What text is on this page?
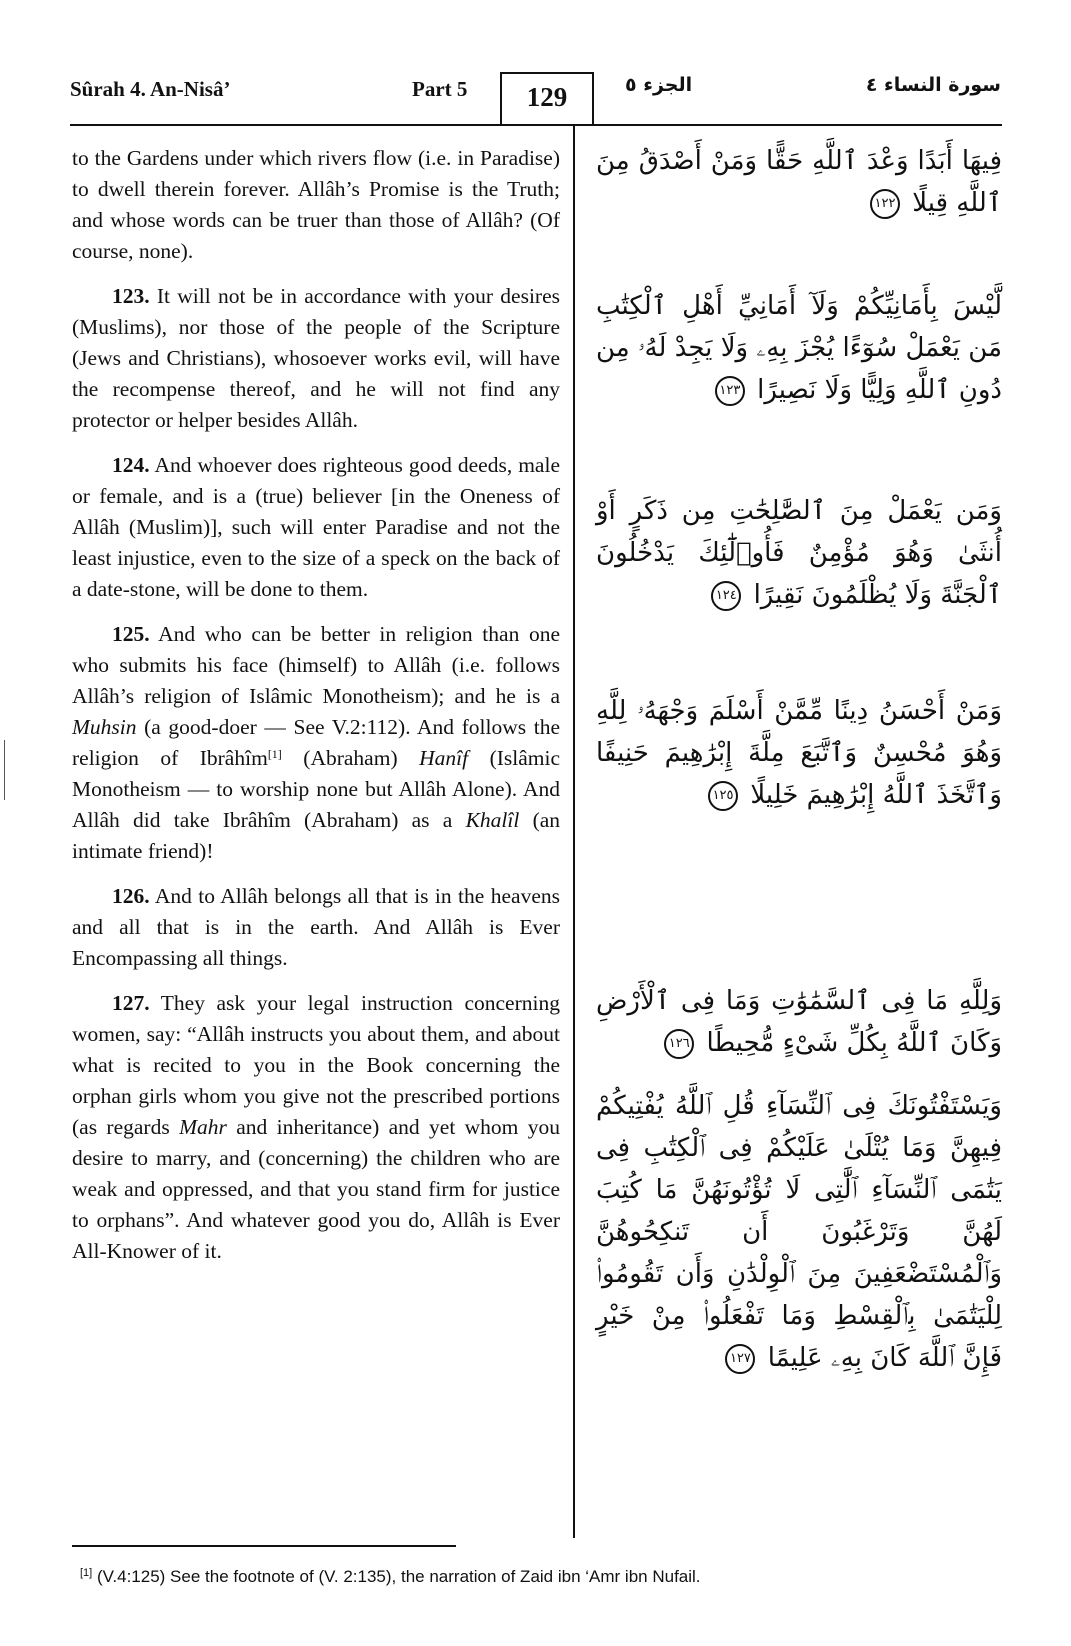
Sûrah 4. An-Nisâ’	Part 5	129	الجزء ٥	سورة النساء ٤

to the Gardens under which rivers flow (i.e. in Paradise) to dwell therein forever. Allâh’s Promise is the Truth; and whose words can be truer than those of Allâh? (Of course, none).

123. It will not be in accordance with your desires (Muslims), nor those of the people of the Scripture (Jews and Christians), whosoever works evil, will have the recompense thereof, and he will not find any protector or helper besides Allâh.

124. And whoever does righteous good deeds, male or female, and is a (true) believer [in the Oneness of Allâh (Muslim)], such will enter Paradise and not the least injustice, even to the size of a speck on the back of a date-stone, will be done to them.

125. And who can be better in religion than one who submits his face (himself) to Allâh (i.e. follows Allâh’s religion of Islâmic Monotheism); and he is a Muhsin (a good-doer — See V.2:112). And follows the religion of Ibrâhîm[1] (Abraham) Hanîf (Islâmic Monotheism — to worship none but Allâh Alone). And Allâh did take Ibrâhîm (Abraham) as a Khalîl (an intimate friend)!

126. And to Allâh belongs all that is in the heavens and all that is in the earth. And Allâh is Ever Encompassing all things.

127. They ask your legal instruction concerning women, say: “Allâh instructs you about them, and about what is recited to you in the Book concerning the orphan girls whom you give not the prescribed portions (as regards Mahr and inheritance) and yet whom you desire to marry, and (concerning) the children who are weak and oppressed, and that you stand firm for justice to orphans”. And whatever good you do, Allâh is Ever All-Knower of it.

فِيهَا أَبَدًا وَعْدَ ٱللَّهِ حَقًّا وَمَنْ أَصْدَقُ مِنَ ٱللَّهِ قِيلًا ١٢٢
لَّيْسَ بِأَمَانِيِّكُمْ وَلَآ أَمَانِيِّ أَهْلِ ٱلْكِتَٰبِ مَن يَعْمَلْ سُوٓءًا يُجْزَ بِهِۦ وَلَا يَجِدْ لَهُۥ مِن دُونِ ٱللَّهِ وَلِيًّا وَلَا نَصِيرًا ١٢٣
وَمَن يَعْمَلْ مِنَ ٱلصَّٰلِحَٰتِ مِن ذَكَرٍ أَوْ أُنثَىٰ وَهُوَ مُؤْمِنٌ فَأُو۟لَٰٓئِكَ يَدْخُلُونَ ٱلْجَنَّةَ وَلَا يُظْلَمُونَ نَقِيرًا ١٢٤
وَمَنْ أَحْسَنُ دِينًا مِّمَّنْ أَسْلَمَ وَجْهَهُۥ لِلَّهِ وَهُوَ مُحْسِنٌ وَٱتَّبَعَ مِلَّةَ إِبْرَٰهِيمَ حَنِيفًا وَٱتَّخَذَ ٱللَّهُ إِبْرَٰهِيمَ خَلِيلًا ١٢٥
وَلِلَّهِ مَا فِى ٱلسَّمَٰوَٰتِ وَمَا فِى ٱلْأَرْضِ وَكَانَ ٱللَّهُ بِكُلِّ شَىْءٍ مُّحِيطًا ١٢٦
وَيَسْتَفْتُونَكَ فِى ٱلنِّسَآءِ قُلِ ٱللَّهُ يُفْتِيكُمْ فِيهِنَّ وَمَا يُتْلَىٰ عَلَيْكُمْ فِى ٱلْكِتَٰبِ فِى يَتَٰمَى ٱلنِّسَآءِ ٱلَّٰتِى لَا تُؤْتُونَهُنَّ مَا كُتِبَ لَهُنَّ وَتَرْغَبُونَ أَن تَنكِحُوهُنَّ وَٱلْمُسْتَضْعَفِينَ مِنَ ٱلْوِلْدَٰنِ وَأَن تَقُومُوا۟ لِلْيَتَٰمَىٰ بِٱلْقِسْطِ وَمَا تَفْعَلُوا۟ مِنْ خَيْرٍ فَإِنَّ ٱللَّهَ كَانَ بِهِۦ عَلِيمًا ١٢٧
[1] (V.4:125) See the footnote of (V. 2:135), the narration of Zaid ibn ‘Amr ibn Nufail.
